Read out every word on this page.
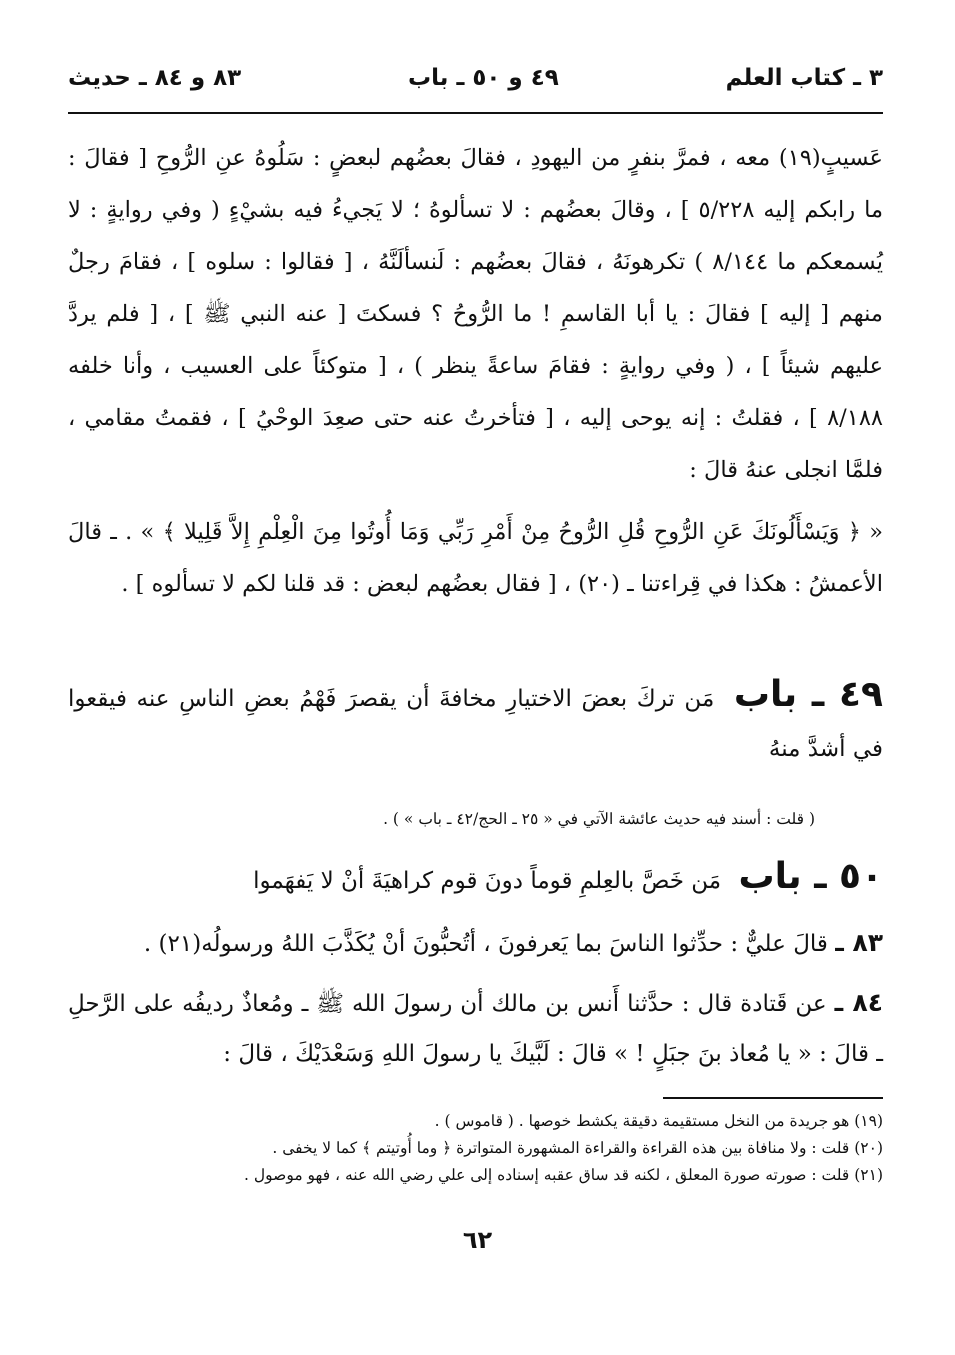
٣ ـ كتاب العلم
٤٩ و ٥٠ ـ باب
٨٣ و ٨٤ ـ حديث

عَسيبٍ(١٩) معه ، فمرَّ بنفرٍ من اليهودِ ، فقالَ بعضُهم لبعضٍ : سَلُوهُ عنِ الرُّوحِ [ فقالَ : ما رابكم إليه ٥/٢٢٨ ] ، وقالَ بعضُهم : لا تسألوهُ ؛ لا يَجيءُ فيه بشيْءٍ ( وفي روايةٍ : لا يُسمعكم ما ٨/١٤٤ ) تكرهونَهُ ، فقالَ بعضُهم : لَنسألَنَّهُ ، [ فقالوا : سلوه ] ، فقامَ رجلٌ منهم [ إليه ] فقالَ : يا أبا القاسمِ ! ما الرُّوحُ ؟ فسكتَ [ عنه النبي ﷺ ] ، [ فلم يردَّ عليهم شيئاً ] ، ( وفي روايةٍ : فقامَ ساعةً ينظر ) ، [ متوكئاً على العسيب ، وأنا خلفه ٨/١٨٨ ] ، فقلتُ : إنه يوحى إليه ، [ فتأخرتُ عنه حتى صعِدَ الوحْيُ ] ، فقمتُ مقامي ، فلمَّا انجلى عنهُ قالَ :

« ﴿ وَيَسْأَلُونَكَ عَنِ الرُّوحِ قُلِ الرُّوحُ مِنْ أَمْرِ رَبِّي وَمَا أُوتُوا مِنَ الْعِلْمِ إِلاَّ قَلِيلا ﴾ » . ـ قالَ الأعمشُ : هكذا في قِراءتنا ـ (٢٠) ، [ فقال بعضُهم لبعض : قد قلنا لكم لا تسألوه ] .

٤٩ ـ باب مَن تركَ بعضَ الاختيارِ مخافةَ أن يقصرَ فَهْمُ بعضِ الناسِ عنه فيقعوا في أشدَّ منهُ
( قلت : أسند فيه حديث عائشة الآتي في « ٢٥ ـ الحج/٤٢ ـ باب » ) .
٥٠ ـ باب مَن خَصَّ بالعِلمِ قوماً دونَ قوم كراهيَةَ أنْ لا يَفهَموا
٨٣ ـ قالَ عليٌّ : حدِّثوا الناسَ بما يَعرفونَ ، أتُحبُّونَ أنْ يُكَذَّبَ اللهُ ورسولُه(٢١) .
٨٤ ـ عن قَتادة قال : حدَّثنا أَنس بن مالك أن رسولَ الله ﷺ ـ ومُعاذٌ رديفُه على الرَّحلِ ـ قالَ : « يا مُعاذ بنَ جبَلٍ ! » قالَ : لَبَّيكَ يا رسولَ اللهِ وَسَعْدَيْكَ ، قالَ :

(١٩) هو جريدة من النخل مستقيمة دقيقة يكشط خوصها . ( قاموس ) .

(٢٠) قلت : ولا منافاة بين هذه القراءة والقراءة المشهورة المتواترة ﴿ وما أُوتيتم ﴾ كما لا يخفى .

(٢١) قلت : صورته صورة المعلق ، لكنه قد ساق عقبه إسناده إلى علي رضي الله عنه ، فهو موصول .

٦٢
